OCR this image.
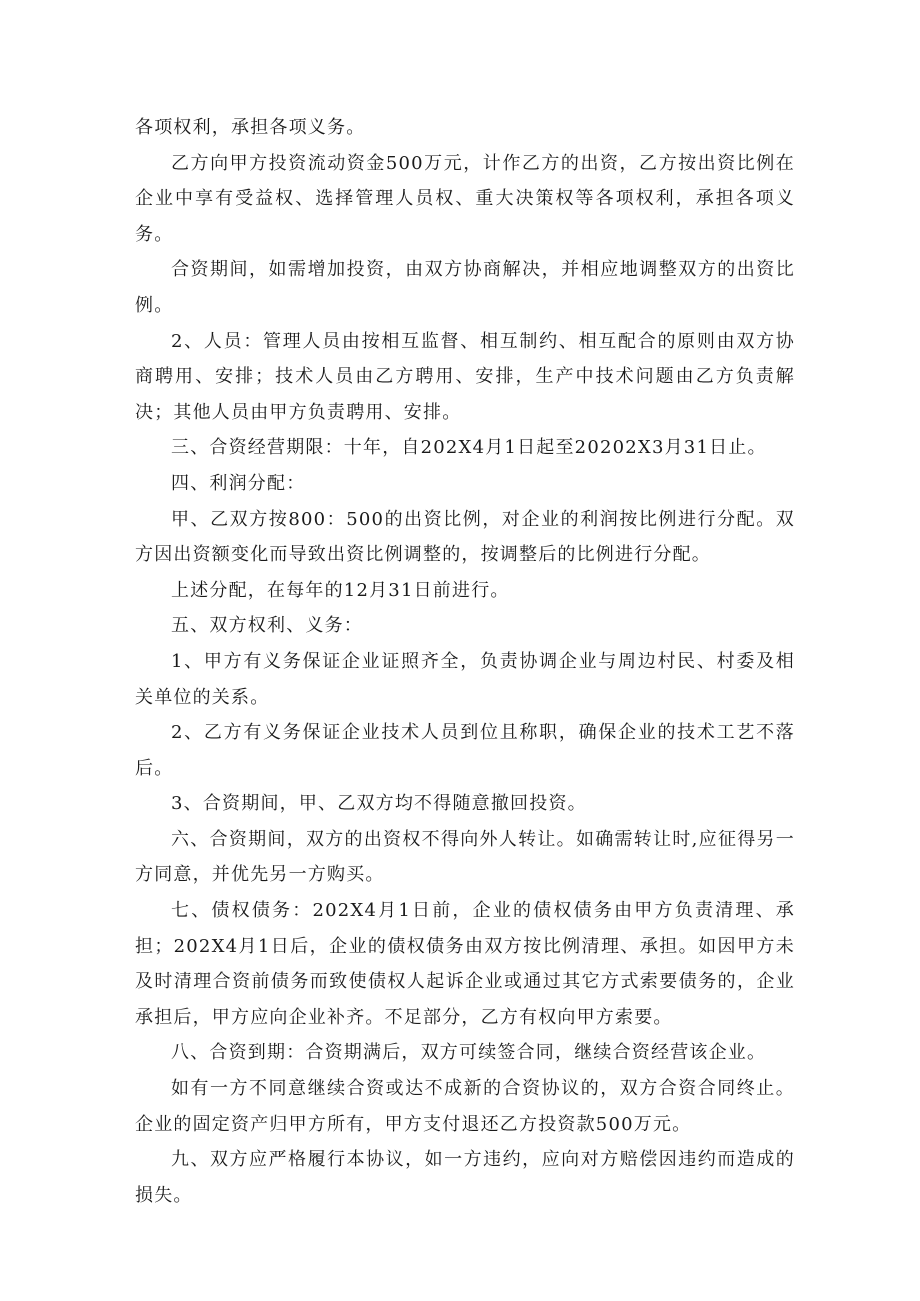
各项权利，承担各项义务。

乙方向甲方投资流动资金500万元，计作乙方的出资，乙方按出资比例在企业中享有受益权、选择管理人员权、重大决策权等各项权利，承担各项义务。

合资期间，如需增加投资，由双方协商解决，并相应地调整双方的出资比例。

2、人员：管理人员由按相互监督、相互制约、相互配合的原则由双方协商聘用、安排；技术人员由乙方聘用、安排，生产中技术问题由乙方负责解决；其他人员由甲方负责聘用、安排。

三、合资经营期限：十年，自202X4月1日起至20202X3月31日止。

四、利润分配：

甲、乙双方按800：500的出资比例，对企业的利润按比例进行分配。双方因出资额变化而导致出资比例调整的，按调整后的比例进行分配。

上述分配，在每年的12月31日前进行。

五、双方权利、义务：

1、甲方有义务保证企业证照齐全，负责协调企业与周边村民、村委及相关单位的关系。

2、乙方有义务保证企业技术人员到位且称职，确保企业的技术工艺不落后。

3、合资期间，甲、乙双方均不得随意撤回投资。

六、合资期间，双方的出资权不得向外人转让。如确需转让时,应征得另一方同意，并优先另一方购买。

七、债权债务：202X4月1日前，企业的债权债务由甲方负责清理、承担；202X4月1日后，企业的债权债务由双方按比例清理、承担。如因甲方未及时清理合资前债务而致使债权人起诉企业或通过其它方式索要债务的，企业承担后，甲方应向企业补齐。不足部分，乙方有权向甲方索要。

八、合资到期：合资期满后，双方可续签合同，继续合资经营该企业。

如有一方不同意继续合资或达不成新的合资协议的，双方合资合同终止。企业的固定资产归甲方所有，甲方支付退还乙方投资款500万元。

九、双方应严格履行本协议，如一方违约，应向对方赔偿因违约而造成的损失。
